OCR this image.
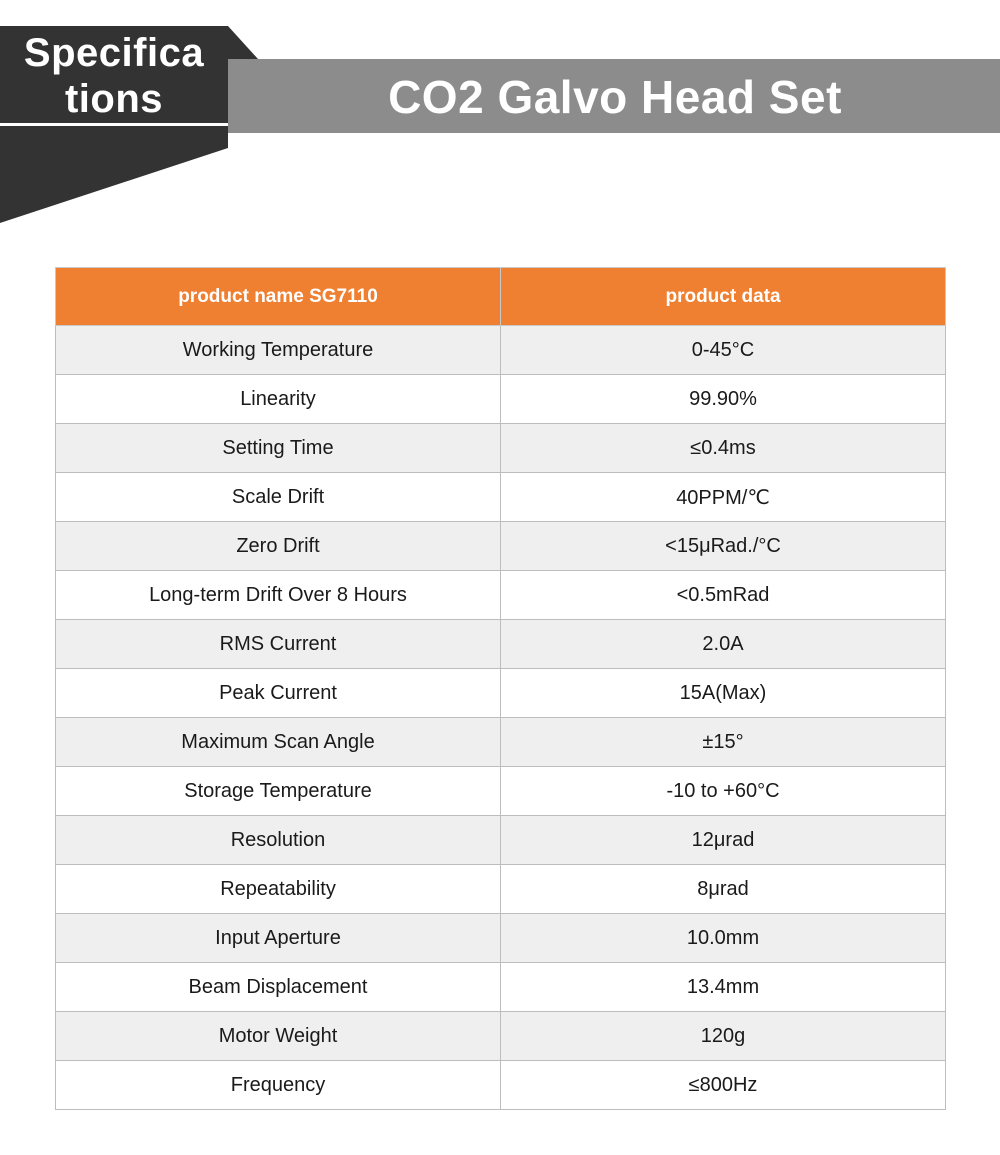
Specifica
tions	CO2 Galvo Head Set
product name SG7110	product data
Working Temperature	0-45°C
Linearity	99.90%
Setting Time	≤0.4ms
Scale Drift	40PPM/℃
Zero Drift	<15μRad./°C
Long-term Drift Over 8 Hours	<0.5mRad
RMS Current	2.0A
Peak Current	15A(Max)
Maximum Scan Angle	±15°
Storage Temperature	-10 to +60°C
Resolution	12μrad
Repeatability	8μrad
Input Aperture	10.0mm
Beam Displacement	13.4mm
Motor Weight	120g
Frequency	≤800Hz
